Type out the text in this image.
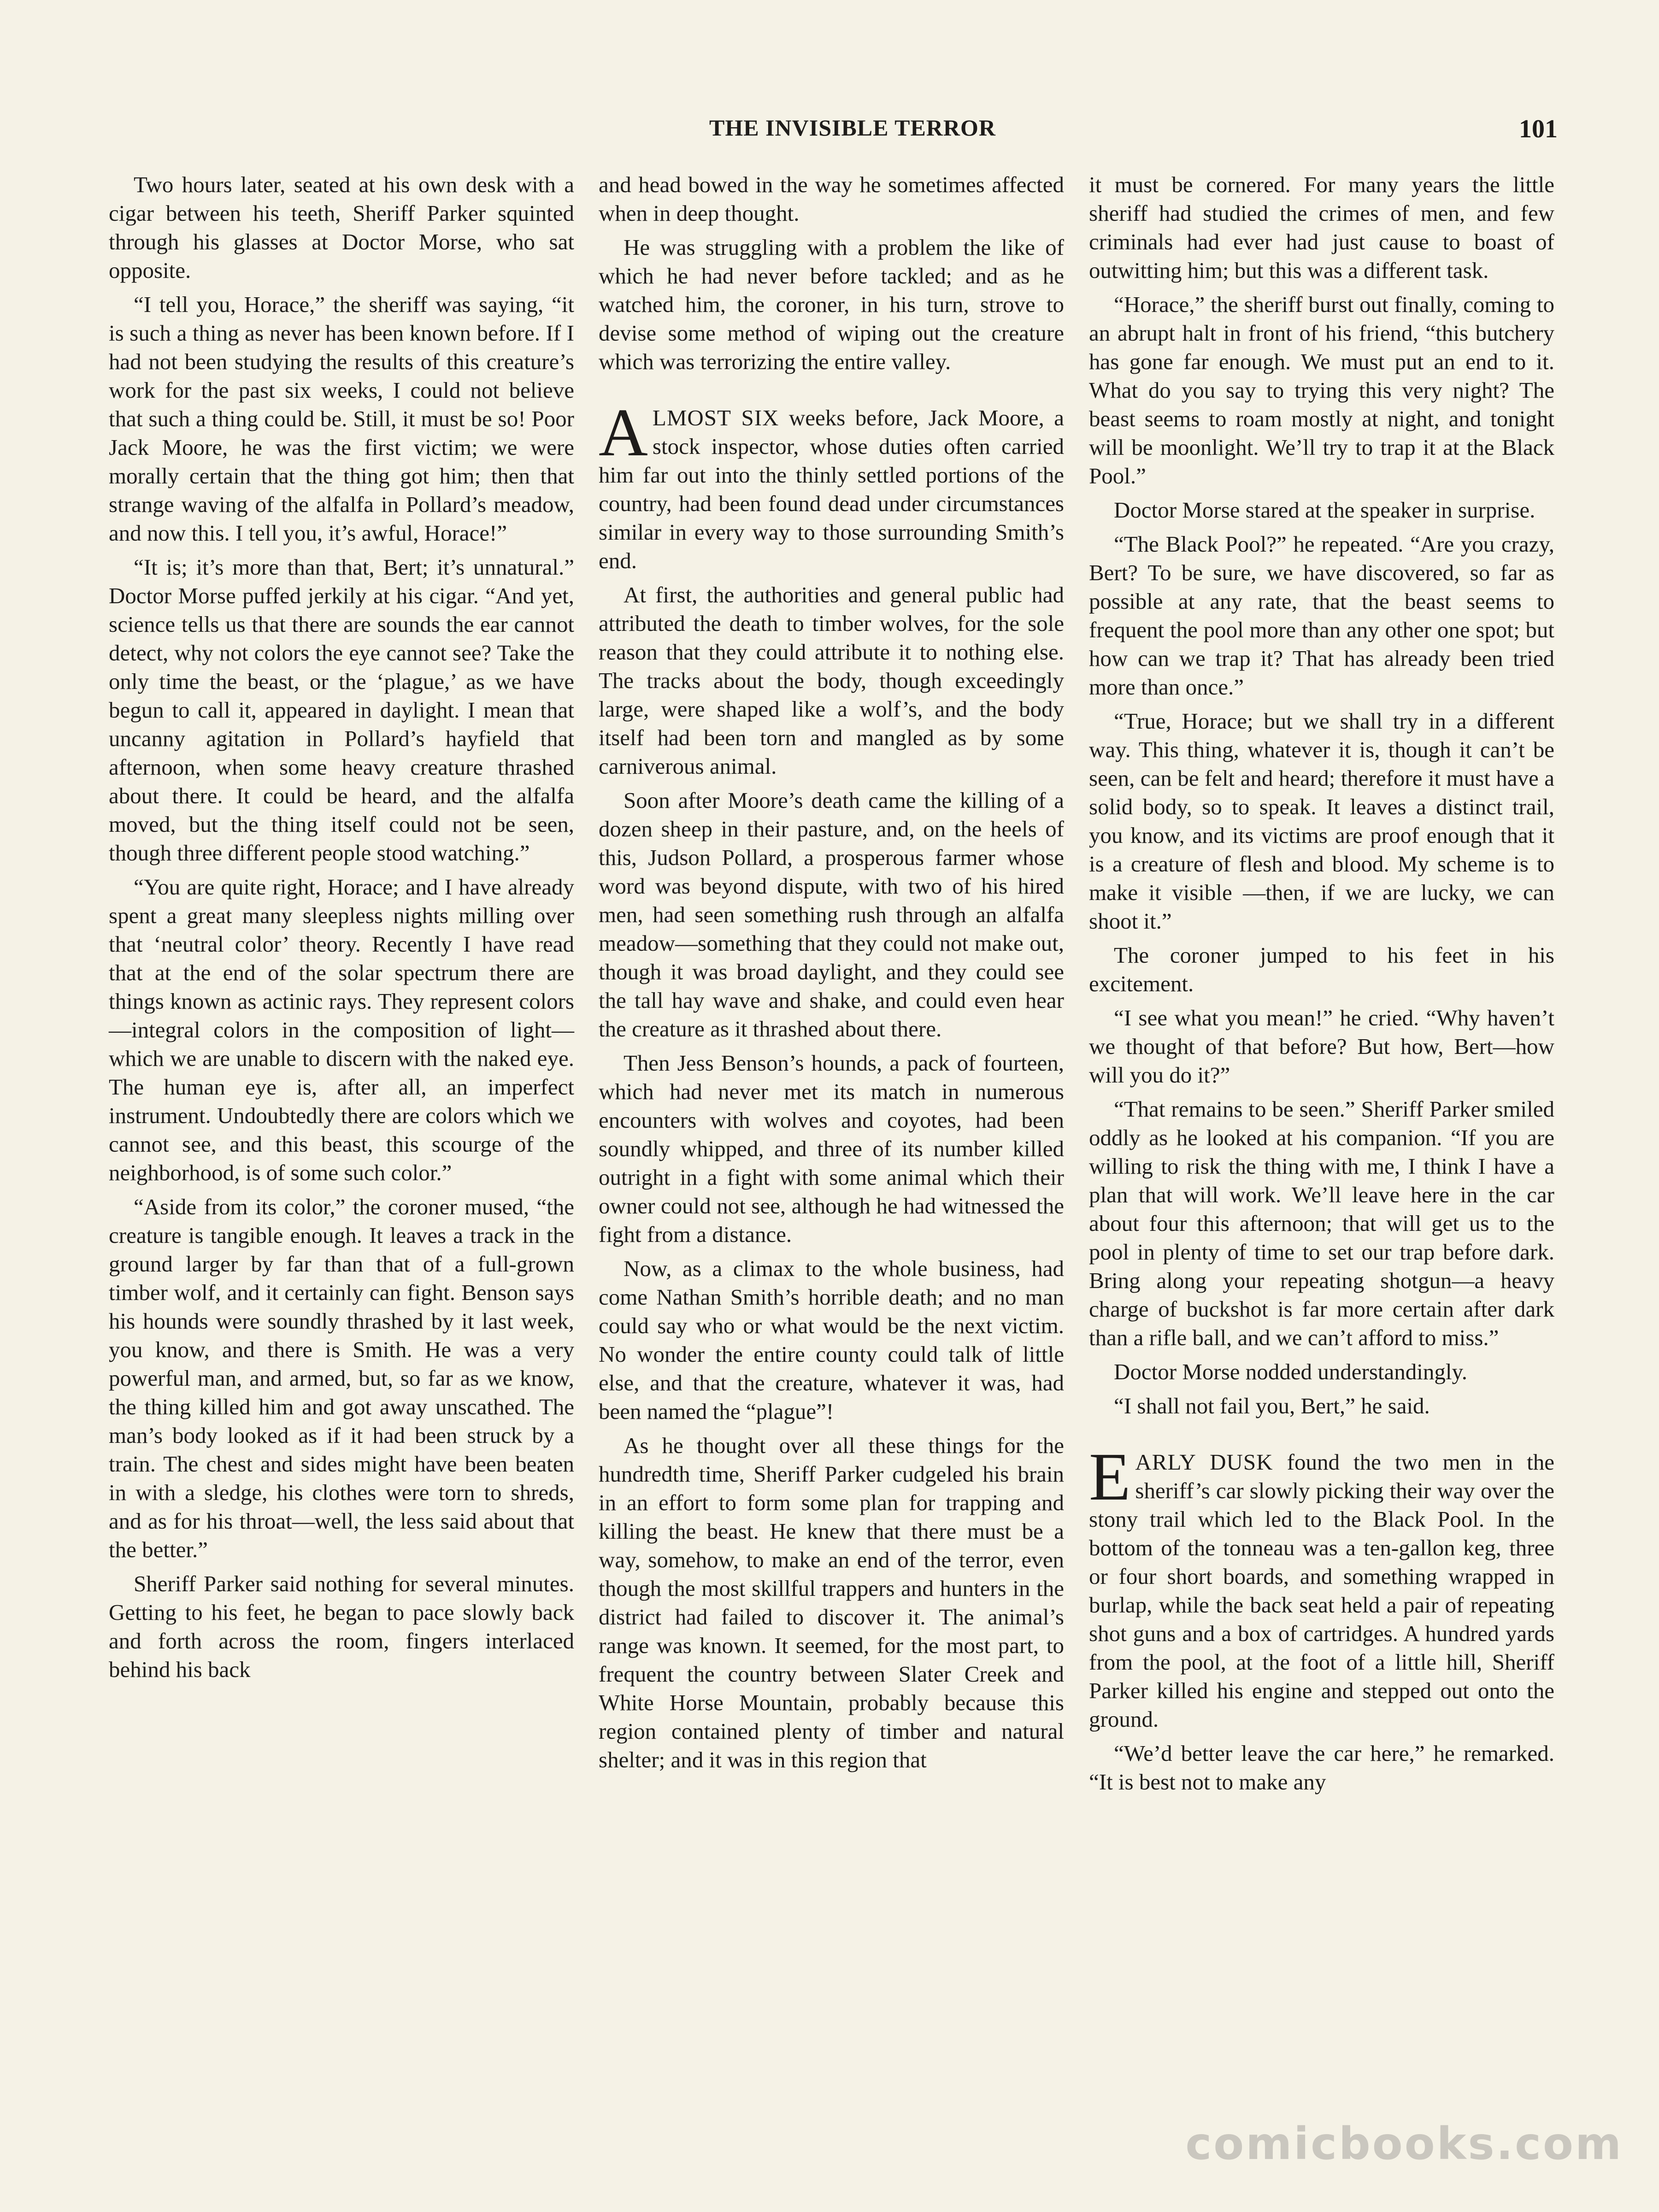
THE INVISIBLE TERROR	101

Two hours later, seated at his own desk with a cigar between his teeth, Sheriff Parker squinted through his glasses at Doctor Morse, who sat opposite.

“I tell you, Horace,” the sheriff was saying, “it is such a thing as never has been known before. If I had not been studying the results of this creature’s work for the past six weeks, I could not believe that such a thing could be. Still, it must be so! Poor Jack Moore, he was the first victim; we were morally certain that the thing got him; then that strange waving of the alfalfa in Pollard’s meadow, and now this. I tell you, it’s awful, Horace!”

“It is; it’s more than that, Bert; it’s unnatural.” Doctor Morse puffed jerkily at his cigar. “And yet, science tells us that there are sounds the ear cannot detect, why not colors the eye cannot see? Take the only time the beast, or the ‘plague,’ as we have begun to call it, appeared in daylight. I mean that uncanny agitation in Pollard’s hayfield that afternoon, when some heavy creature thrashed about there. It could be heard, and the alfalfa moved, but the thing itself could not be seen, though three different people stood watching.”

“You are quite right, Horace; and I have already spent a great many sleepless nights milling over that ‘neutral color’ theory. Recently I have read that at the end of the solar spectrum there are things known as actinic rays. They represent colors—integral colors in the composition of light—which we are unable to discern with the naked eye. The human eye is, after all, an imperfect instrument. Undoubtedly there are colors which we cannot see, and this beast, this scourge of the neighborhood, is of some such color.”

“Aside from its color,” the coroner mused, “the creature is tangible enough. It leaves a track in the ground larger by far than that of a full-grown timber wolf, and it certainly can fight. Benson says his hounds were soundly thrashed by it last week, you know, and there is Smith. He was a very powerful man, and armed, but, so far as we know, the thing killed him and got away unscathed. The man’s body looked as if it had been struck by a train. The chest and sides might have been beaten in with a sledge, his clothes were torn to shreds, and as for his throat—well, the less said about that the better.”

Sheriff Parker said nothing for several minutes. Getting to his feet, he began to pace slowly back and forth across the room, fingers interlaced behind his back

and head bowed in the way he sometimes affected when in deep thought.

He was struggling with a problem the like of which he had never before tackled; and as he watched him, the coroner, in his turn, strove to devise some method of wiping out the creature which was terrorizing the entire valley.

ALMOST SIX weeks before, Jack Moore, a stock inspector, whose duties often carried him far out into the thinly settled portions of the country, had been found dead under circumstances similar in every way to those surrounding Smith’s end.

At first, the authorities and general public had attributed the death to timber wolves, for the sole reason that they could attribute it to nothing else. The tracks about the body, though exceedingly large, were shaped like a wolf’s, and the body itself had been torn and mangled as by some carniverous animal.

Soon after Moore’s death came the killing of a dozen sheep in their pasture, and, on the heels of this, Judson Pollard, a prosperous farmer whose word was beyond dispute, with two of his hired men, had seen something rush through an alfalfa meadow—something that they could not make out, though it was broad daylight, and they could see the tall hay wave and shake, and could even hear the creature as it thrashed about there.

Then Jess Benson’s hounds, a pack of fourteen, which had never met its match in numerous encounters with wolves and coyotes, had been soundly whipped, and three of its number killed outright in a fight with some animal which their owner could not see, although he had witnessed the fight from a distance.

Now, as a climax to the whole business, had come Nathan Smith’s horrible death; and no man could say who or what would be the next victim. No wonder the entire county could talk of little else, and that the creature, whatever it was, had been named the “plague”!

As he thought over all these things for the hundredth time, Sheriff Parker cudgeled his brain in an effort to form some plan for trapping and killing the beast. He knew that there must be a way, somehow, to make an end of the terror, even though the most skillful trappers and hunters in the district had failed to discover it. The animal’s range was known. It seemed, for the most part, to frequent the country between Slater Creek and White Horse Mountain, probably because this region contained plenty of timber and natural shelter; and it was in this region that

it must be cornered. For many years the little sheriff had studied the crimes of men, and few criminals had ever had just cause to boast of outwitting him; but this was a different task.

“Horace,” the sheriff burst out finally, coming to an abrupt halt in front of his friend, “this butchery has gone far enough. We must put an end to it. What do you say to trying this very night? The beast seems to roam mostly at night, and tonight will be moonlight. We’ll try to trap it at the Black Pool.”

Doctor Morse stared at the speaker in surprise.

“The Black Pool?” he repeated. “Are you crazy, Bert? To be sure, we have discovered, so far as possible at any rate, that the beast seems to frequent the pool more than any other one spot; but how can we trap it? That has already been tried more than once.”

“True, Horace; but we shall try in a different way. This thing, whatever it is, though it can’t be seen, can be felt and heard; therefore it must have a solid body, so to speak. It leaves a distinct trail, you know, and its victims are proof enough that it is a creature of flesh and blood. My scheme is to make it visible —then, if we are lucky, we can shoot it.”

The coroner jumped to his feet in his excitement.

“I see what you mean!” he cried. “Why haven’t we thought of that before? But how, Bert—how will you do it?”

“That remains to be seen.” Sheriff Parker smiled oddly as he looked at his companion. “If you are willing to risk the thing with me, I think I have a plan that will work. We’ll leave here in the car about four this afternoon; that will get us to the pool in plenty of time to set our trap before dark. Bring along your repeating shotgun—a heavy charge of buckshot is far more certain after dark than a rifle ball, and we can’t afford to miss.”

Doctor Morse nodded understandingly.

“I shall not fail you, Bert,” he said.

EARLY DUSK found the two men in the sheriff’s car slowly picking their way over the stony trail which led to the Black Pool. In the bottom of the tonneau was a ten-gallon keg, three or four short boards, and something wrapped in burlap, while the back seat held a pair of repeating shot guns and a box of cartridges. A hundred yards from the pool, at the foot of a little hill, Sheriff Parker killed his engine and stepped out onto the ground.

“We’d better leave the car here,” he remarked. “It is best not to make any

comicbooks.com
